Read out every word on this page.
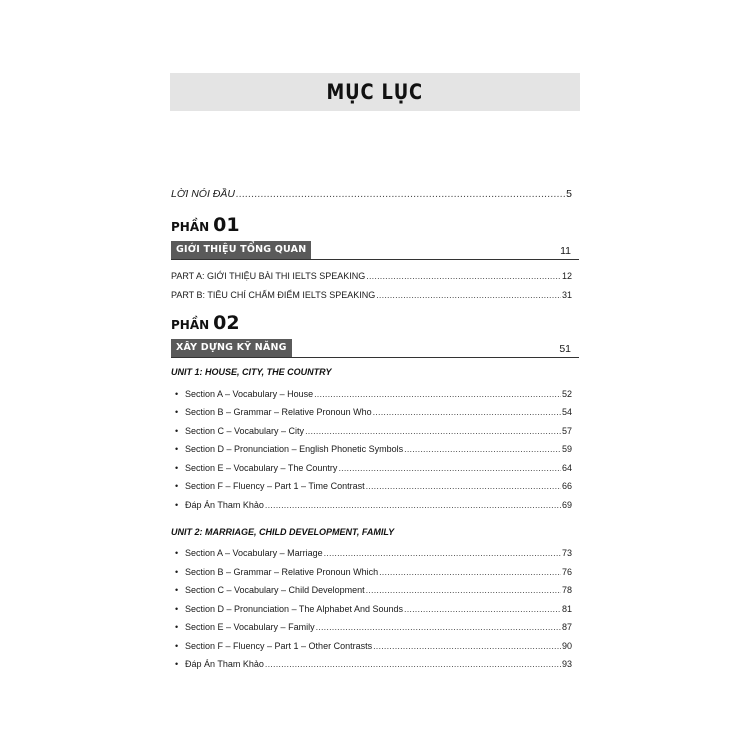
MỤC LỤC
LỜI NÓI ĐẦU .....	5
PHẦN 01
GIỚI THIỆU TỔNG QUAN	11
PART A: GIỚI THIỆU BÀI THI IELTS SPEAKING .....	12
PART B: TIÊU CHÍ CHẤM ĐIỂM IELTS SPEAKING .....	31
PHẦN 02
XÂY DỰNG KỸ NĂNG	51
UNIT 1: HOUSE, CITY, THE COUNTRY
• Section A – Vocabulary – House .....	52
• Section B – Grammar – Relative Pronoun Who .....	54
• Section C – Vocabulary – City .....	57
• Section D – Pronunciation – English Phonetic Symbols .....	59
• Section E – Vocabulary – The Country .....	64
• Section F – Fluency – Part 1 – Time Contrast .....	66
• Đáp Án Tham Khảo .....	69
UNIT 2: MARRIAGE, CHILD DEVELOPMENT, FAMILY
• Section A – Vocabulary – Marriage .....	73
• Section B – Grammar – Relative Pronoun Which .....	76
• Section C – Vocabulary – Child Development .....	78
• Section D – Pronunciation – The Alphabet And Sounds .....	81
• Section E – Vocabulary – Family .....	87
• Section F – Fluency – Part 1 – Other Contrasts .....	90
• Đáp Án Tham Khảo .....	93
